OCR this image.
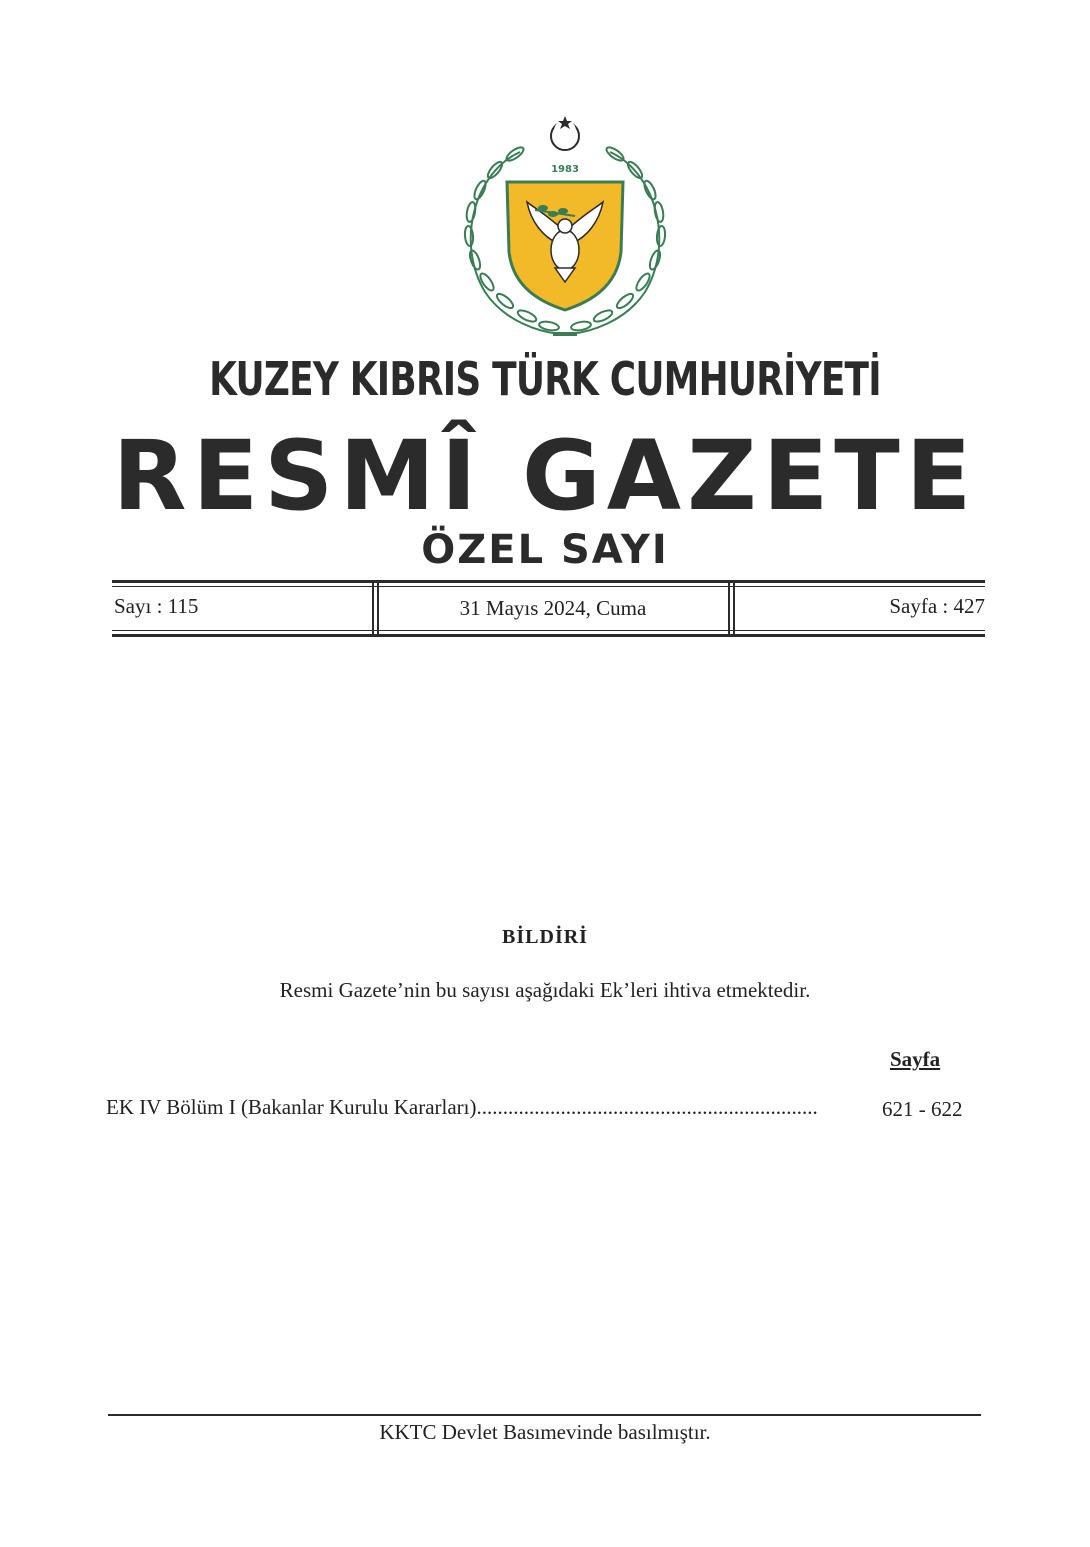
1983
KUZEY KIBRIS TÜRK CUMHURİYETİ
RESMÎ GAZETE
ÖZEL SAYI
Sayı : 115	31 Mayıs 2024, Cuma	Sayfa : 427
BİLDİRİ
Resmi Gazete’nin bu sayısı aşağıdaki Ek’leri ihtiva etmektedir.
Sayfa
EK IV Bölüm I (Bakanlar Kurulu Kararları).................................................................	621 - 622
KKTC Devlet Basımevinde basılmıştır.
